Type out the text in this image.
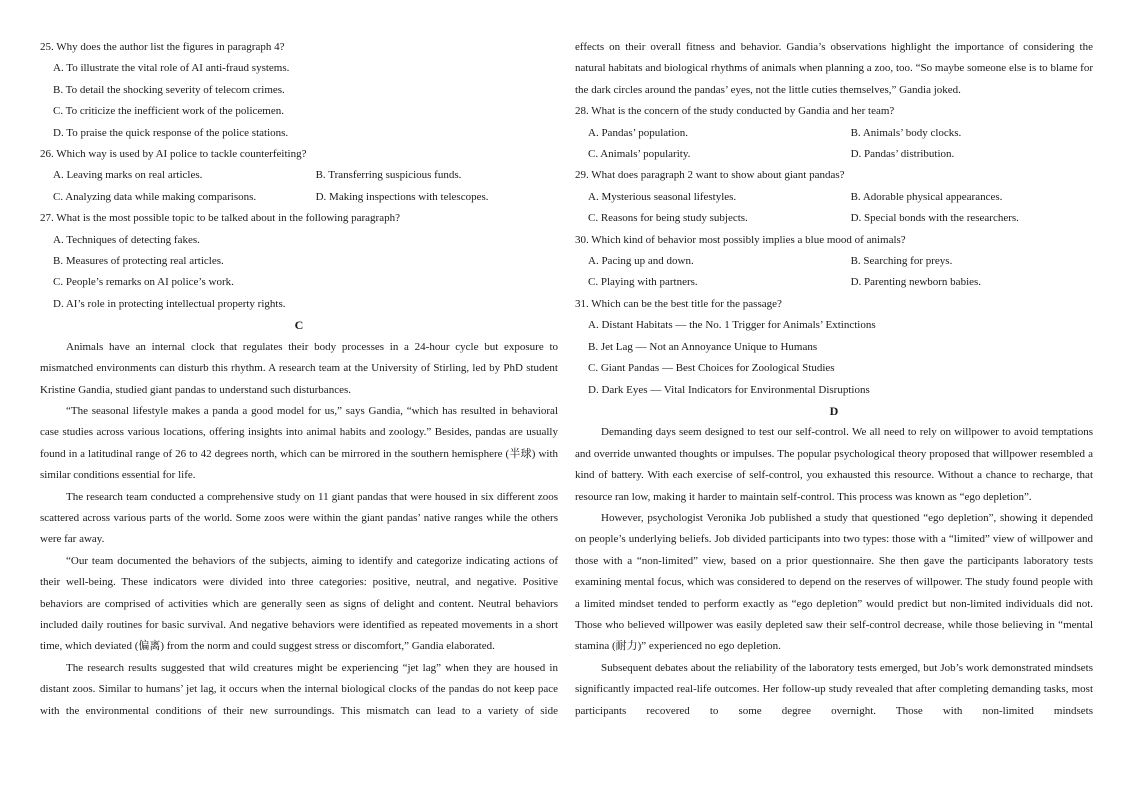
25. Why does the author list the figures in paragraph 4?
A. To illustrate the vital role of AI anti-fraud systems.
B. To detail the shocking severity of telecom crimes.
C. To criticize the inefficient work of the policemen.
D. To praise the quick response of the police stations.
26. Which way is used by AI police to tackle counterfeiting?
A. Leaving marks on real articles.	B. Transferring suspicious funds.
C. Analyzing data while making comparisons.	D. Making inspections with telescopes.
27. What is the most possible topic to be talked about in the following paragraph?
A. Techniques of detecting fakes.
B. Measures of protecting real articles.
C. People’s remarks on AI police’s work.
D. AI’s role in protecting intellectual property rights.
C
Animals have an internal clock that regulates their body processes in a 24-hour cycle but exposure to mismatched environments can disturb this rhythm. A research team at the University of Stirling, led by PhD student Kristine Gandia, studied giant pandas to understand such disturbances.
“The seasonal lifestyle makes a panda a good model for us,” says Gandia, “which has resulted in behavioral case studies across various locations, offering insights into animal habits and zoology.” Besides, pandas are usually found in a latitudinal range of 26 to 42 degrees north, which can be mirrored in the southern hemisphere (半球) with similar conditions essential for life.
The research team conducted a comprehensive study on 11 giant pandas that were housed in six different zoos scattered across various parts of the world. Some zoos were within the giant pandas’ native ranges while the others were far away.
“Our team documented the behaviors of the subjects, aiming to identify and categorize indicating actions of their well-being. These indicators were divided into three categories: positive, neutral, and negative. Positive behaviors are comprised of activities which are generally seen as signs of delight and content. Neutral behaviors included daily routines for basic survival. And negative behaviors were identified as repeated movements in a short time, which deviated (偏离) from the norm and could suggest stress or discomfort,” Gandia elaborated.
The research results suggested that wild creatures might be experiencing “jet lag” when they are housed in distant zoos. Similar to humans’ jet lag, it occurs when the internal biological clocks of the pandas do not keep pace with the environmental conditions of their new surroundings. This mismatch can lead to a variety of side
effects on their overall fitness and behavior. Gandia’s observations highlight the importance of considering the natural habitats and biological rhythms of animals when planning a zoo, too. “So maybe someone else is to blame for the dark circles around the pandas’ eyes, not the little cuties themselves,” Gandia joked.
28. What is the concern of the study conducted by Gandia and her team?
A. Pandas’ population.	B. Animals’ body clocks.
C. Animals’ popularity.	D. Pandas’ distribution.
29. What does paragraph 2 want to show about giant pandas?
A. Mysterious seasonal lifestyles.	B. Adorable physical appearances.
C. Reasons for being study subjects.	D. Special bonds with the researchers.
30. Which kind of behavior most possibly implies a blue mood of animals?
A. Pacing up and down.	B. Searching for preys.
C. Playing with partners.	D. Parenting newborn babies.
31. Which can be the best title for the passage?
A. Distant Habitats — the No. 1 Trigger for Animals’ Extinctions
B. Jet Lag — Not an Annoyance Unique to Humans
C. Giant Pandas — Best Choices for Zoological Studies
D. Dark Eyes — Vital Indicators for Environmental Disruptions
D
Demanding days seem designed to test our self-control. We all need to rely on willpower to avoid temptations and override unwanted thoughts or impulses. The popular psychological theory proposed that willpower resembled a kind of battery. With each exercise of self-control, you exhausted this resource. Without a chance to recharge, that resource ran low, making it harder to maintain self-control. This process was known as “ego depletion”.
However, psychologist Veronika Job published a study that questioned “ego depletion”, showing it depended on people’s underlying beliefs. Job divided participants into two types: those with a “limited” view of willpower and those with a “non-limited” view, based on a prior questionnaire. She then gave the participants laboratory tests examining mental focus, which was considered to depend on the reserves of willpower. The study found people with a limited mindset tended to perform exactly as “ego depletion” would predict but non-limited individuals did not. Those who believed willpower was easily depleted saw their self-control decrease, while those believing in “mental stamina (耐力)” experienced no ego depletion.
Subsequent debates about the reliability of the laboratory tests emerged, but Job’s work demonstrated mindsets significantly impacted real-life outcomes. Her follow-up study revealed that after completing demanding tasks, most participants recovered to some degree overnight. Those with non-limited mindsets
